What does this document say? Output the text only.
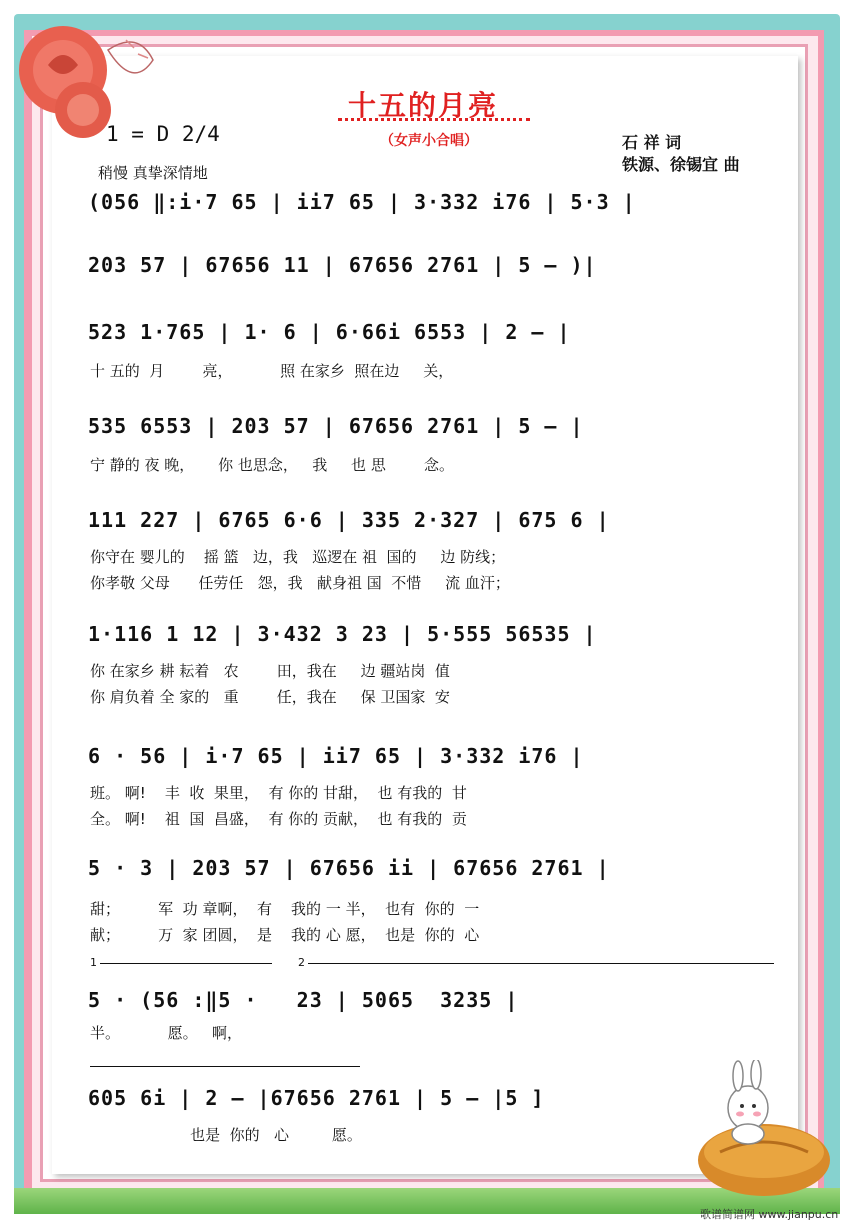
十五的月亮
（女声小合唱）
1 = D 2/4
稍慢 真挚深情地
石 祥 词
铁源、徐锡宜 曲
(056 ‖:i·7 65 | ii7 65 | 3·332 i76 | 5·3 |
203 57 | 67656 11 | 67656 2761 | 5 – )|
523 1·765 | 1· 6 | 6·66i 6553 | 2 – |
十 五的  月        亮，          照 在家乡  照在边     关，
535 6553 | 203 57 | 67656 2761 | 5 – |
宁 静的 夜 晚，     你 也思念，   我     也 思        念。
111 227 | 6765 6·6 | 335 2·327 | 675 6 |
你守在 婴儿的    摇 篮   边，我   巡逻在 祖  国的     边 防线；
你孝敬 父母      任劳任   怨，我   献身祖 国  不惜     流 血汗；
1·116 1 12 | 3·432 3 23 | 5·555 56535 |
你 在家乡 耕 耘着   农        田，我在     边 疆站岗  值
你 肩负着 全 家的   重        任，我在     保 卫国家  安
6 · 56 | i·7 65 | ii7 65 | 3·332 i76 |
班。 啊!    丰  收  果里，  有 你的 甘甜，  也 有我的  甘
全。 啊!    祖  国  昌盛，  有 你的 贡献，  也 有我的  贡
5 · 3 | 203 57 | 67656 ii | 67656 2761 |
甜；        军  功 章啊，  有    我的 一 半，  也有  你的  一
献；        万  家 团圆，  是    我的 心 愿，  也是  你的  心
1	2
5 · (56 :‖5 ·   23 | 5065  3235 |
半。          愿。   啊，
605 6i | 2 – |67656 2761 | 5 – |5 ]
也是  你的   心         愿。
歌谱简谱网 www.jianpu.cn
